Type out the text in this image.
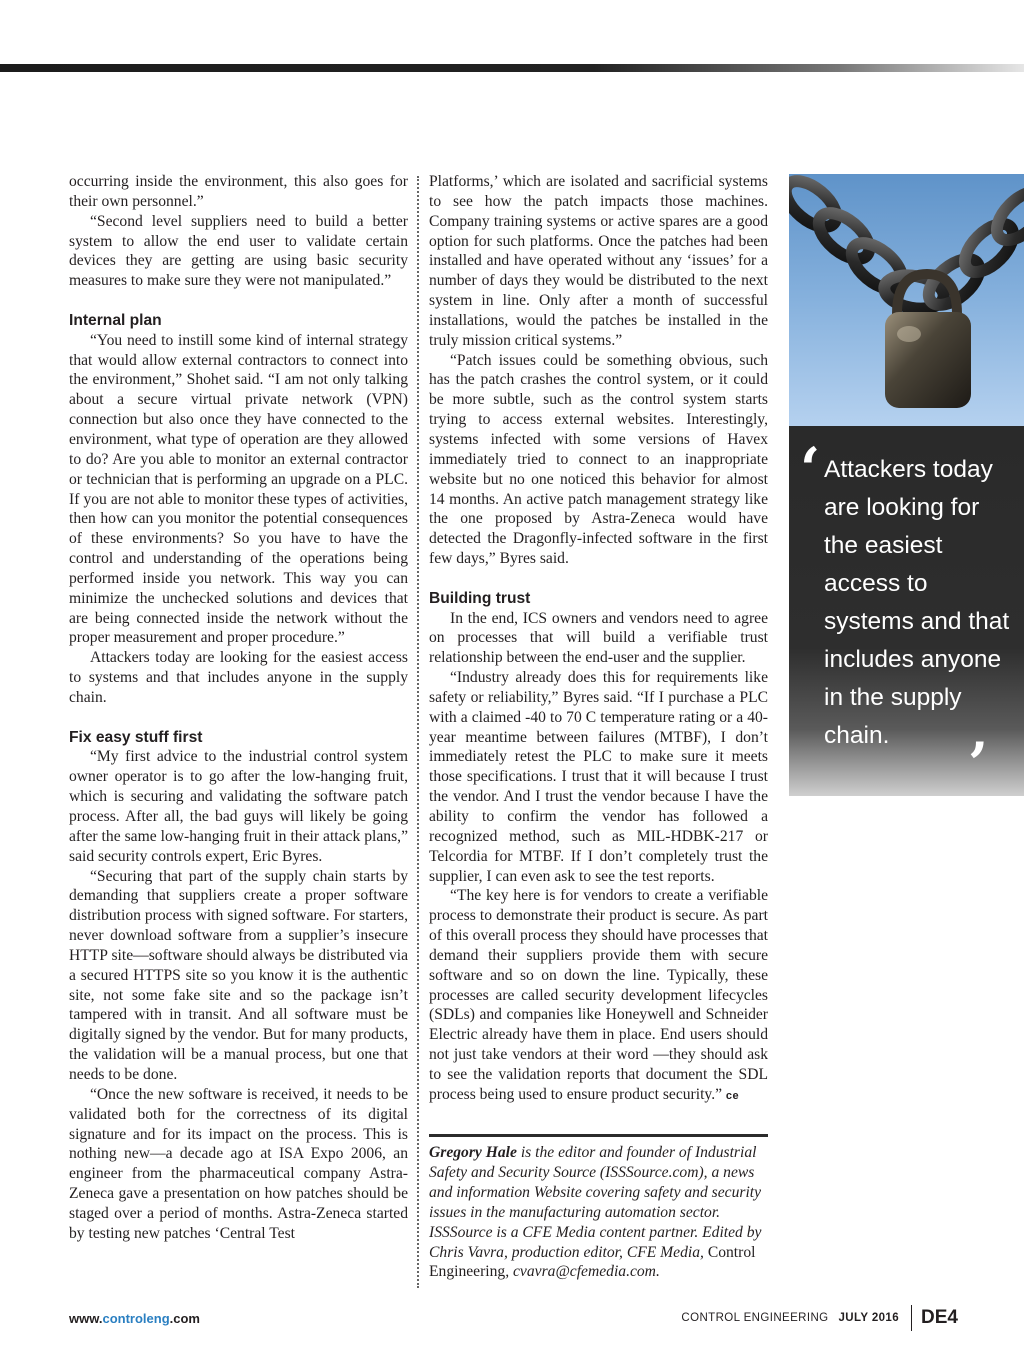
occurring inside the environment, this also goes for their own personnel.”

“Second level suppliers need to build a better system to allow the end user to validate certain devices they are getting are using basic security measures to make sure they were not manipulated.”

Internal plan

“You need to instill some kind of internal strategy that would allow external contractors to connect into the environment,” Shohet said. “I am not only talking about a secure virtual private network (VPN) connection but also once they have connected to the environment, what type of operation are they allowed to do? Are you able to monitor an external contractor or technician that is performing an upgrade on a PLC. If you are not able to monitor these types of activities, then how can you monitor the potential consequences of these environments? So you have to have the control and understanding of the operations being performed inside you network. This way you can minimize the unchecked solutions and devices that are being connected inside the network without the proper measurement and proper procedure.”

Attackers today are looking for the easiest access to systems and that includes anyone in the supply chain.

Fix easy stuff first

“My first advice to the industrial control system owner operator is to go after the low-hanging fruit, which is securing and validating the software patch process. After all, the bad guys will likely be going after the same low-hanging fruit in their attack plans,” said security controls expert, Eric Byres.

“Securing that part of the supply chain starts by demanding that suppliers create a proper software distribution process with signed software. For starters, never download software from a supplier’s insecure HTTP site—software should always be distributed via a secured HTTPS site so you know it is the authentic site, not some fake site and so the package isn’t tampered with in transit. And all software must be digitally signed by the vendor. But for many products, the validation will be a manual process, but one that needs to be done.

“Once the new software is received, it needs to be validated both for the correctness of its digital signature and for its impact on the process. This is nothing new—a decade ago at ISA Expo 2006, an engineer from the pharmaceutical company Astra-Zeneca gave a presentation on how patches should be staged over a period of months. Astra-Zeneca started by testing new patches ‘Central Test

Platforms,’ which are isolated and sacrificial systems to see how the patch impacts those machines. Company training systems or active spares are a good option for such platforms. Once the patches had been installed and have operated without any ‘issues’ for a number of days they would be distributed to the next system in line. Only after a month of successful installations, would the patches be installed in the truly mission critical systems.”

“Patch issues could be something obvious, such has the patch crashes the control system, or it could be more subtle, such as the control system starts trying to access external websites. Interestingly, systems infected with some versions of Havex immediately tried to connect to an inappropriate website but no one noticed this behavior for almost 14 months. An active patch management strategy like the one proposed by Astra-Zeneca would have detected the Dragonfly-infected software in the first few days,” Byres said.

Building trust

In the end, ICS owners and vendors need to agree on processes that will build a verifiable trust relationship between the end-user and the supplier.

“Industry already does this for requirements like safety or reliability,” Byres said. “If I purchase a PLC with a claimed -40 to 70 C temperature rating or a 40-year meantime between failures (MTBF), I don’t immediately retest the PLC to make sure it meets those specifications. I trust that it will because I trust the vendor. And I trust the vendor because I have the ability to confirm the vendor has followed a recognized method, such as MIL-HDBK-217 or Telcordia for MTBF. If I don’t completely trust the supplier, I can even ask to see the test reports.

“The key here is for vendors to create a verifiable process to demonstrate their product is secure. As part of this overall process they should have processes that demand their suppliers provide them with secure software and so on down the line. Typically, these processes are called security development lifecycles (SDLs) and companies like Honeywell and Schneider Electric already have them in place. End users should not just take vendors at their word —they should ask to see the validation reports that document the SDL process being used to ensure product security.” ce

Gregory Hale is the editor and founder of Industrial Safety and Security Source (ISSSource.com), a news and information Website covering safety and security issues in the manufacturing automation sector. ISSSource is a CFE Media content partner. Edited by Chris Vavra, production editor, CFE Media, Control Engineering, cvavra@cfemedia.com.
‘ Attackers today are looking for the easiest access to systems and that includes anyone in the supply chain.	’
www.controleng.com	CONTROL ENGINEERING JULY 2016 DE4
